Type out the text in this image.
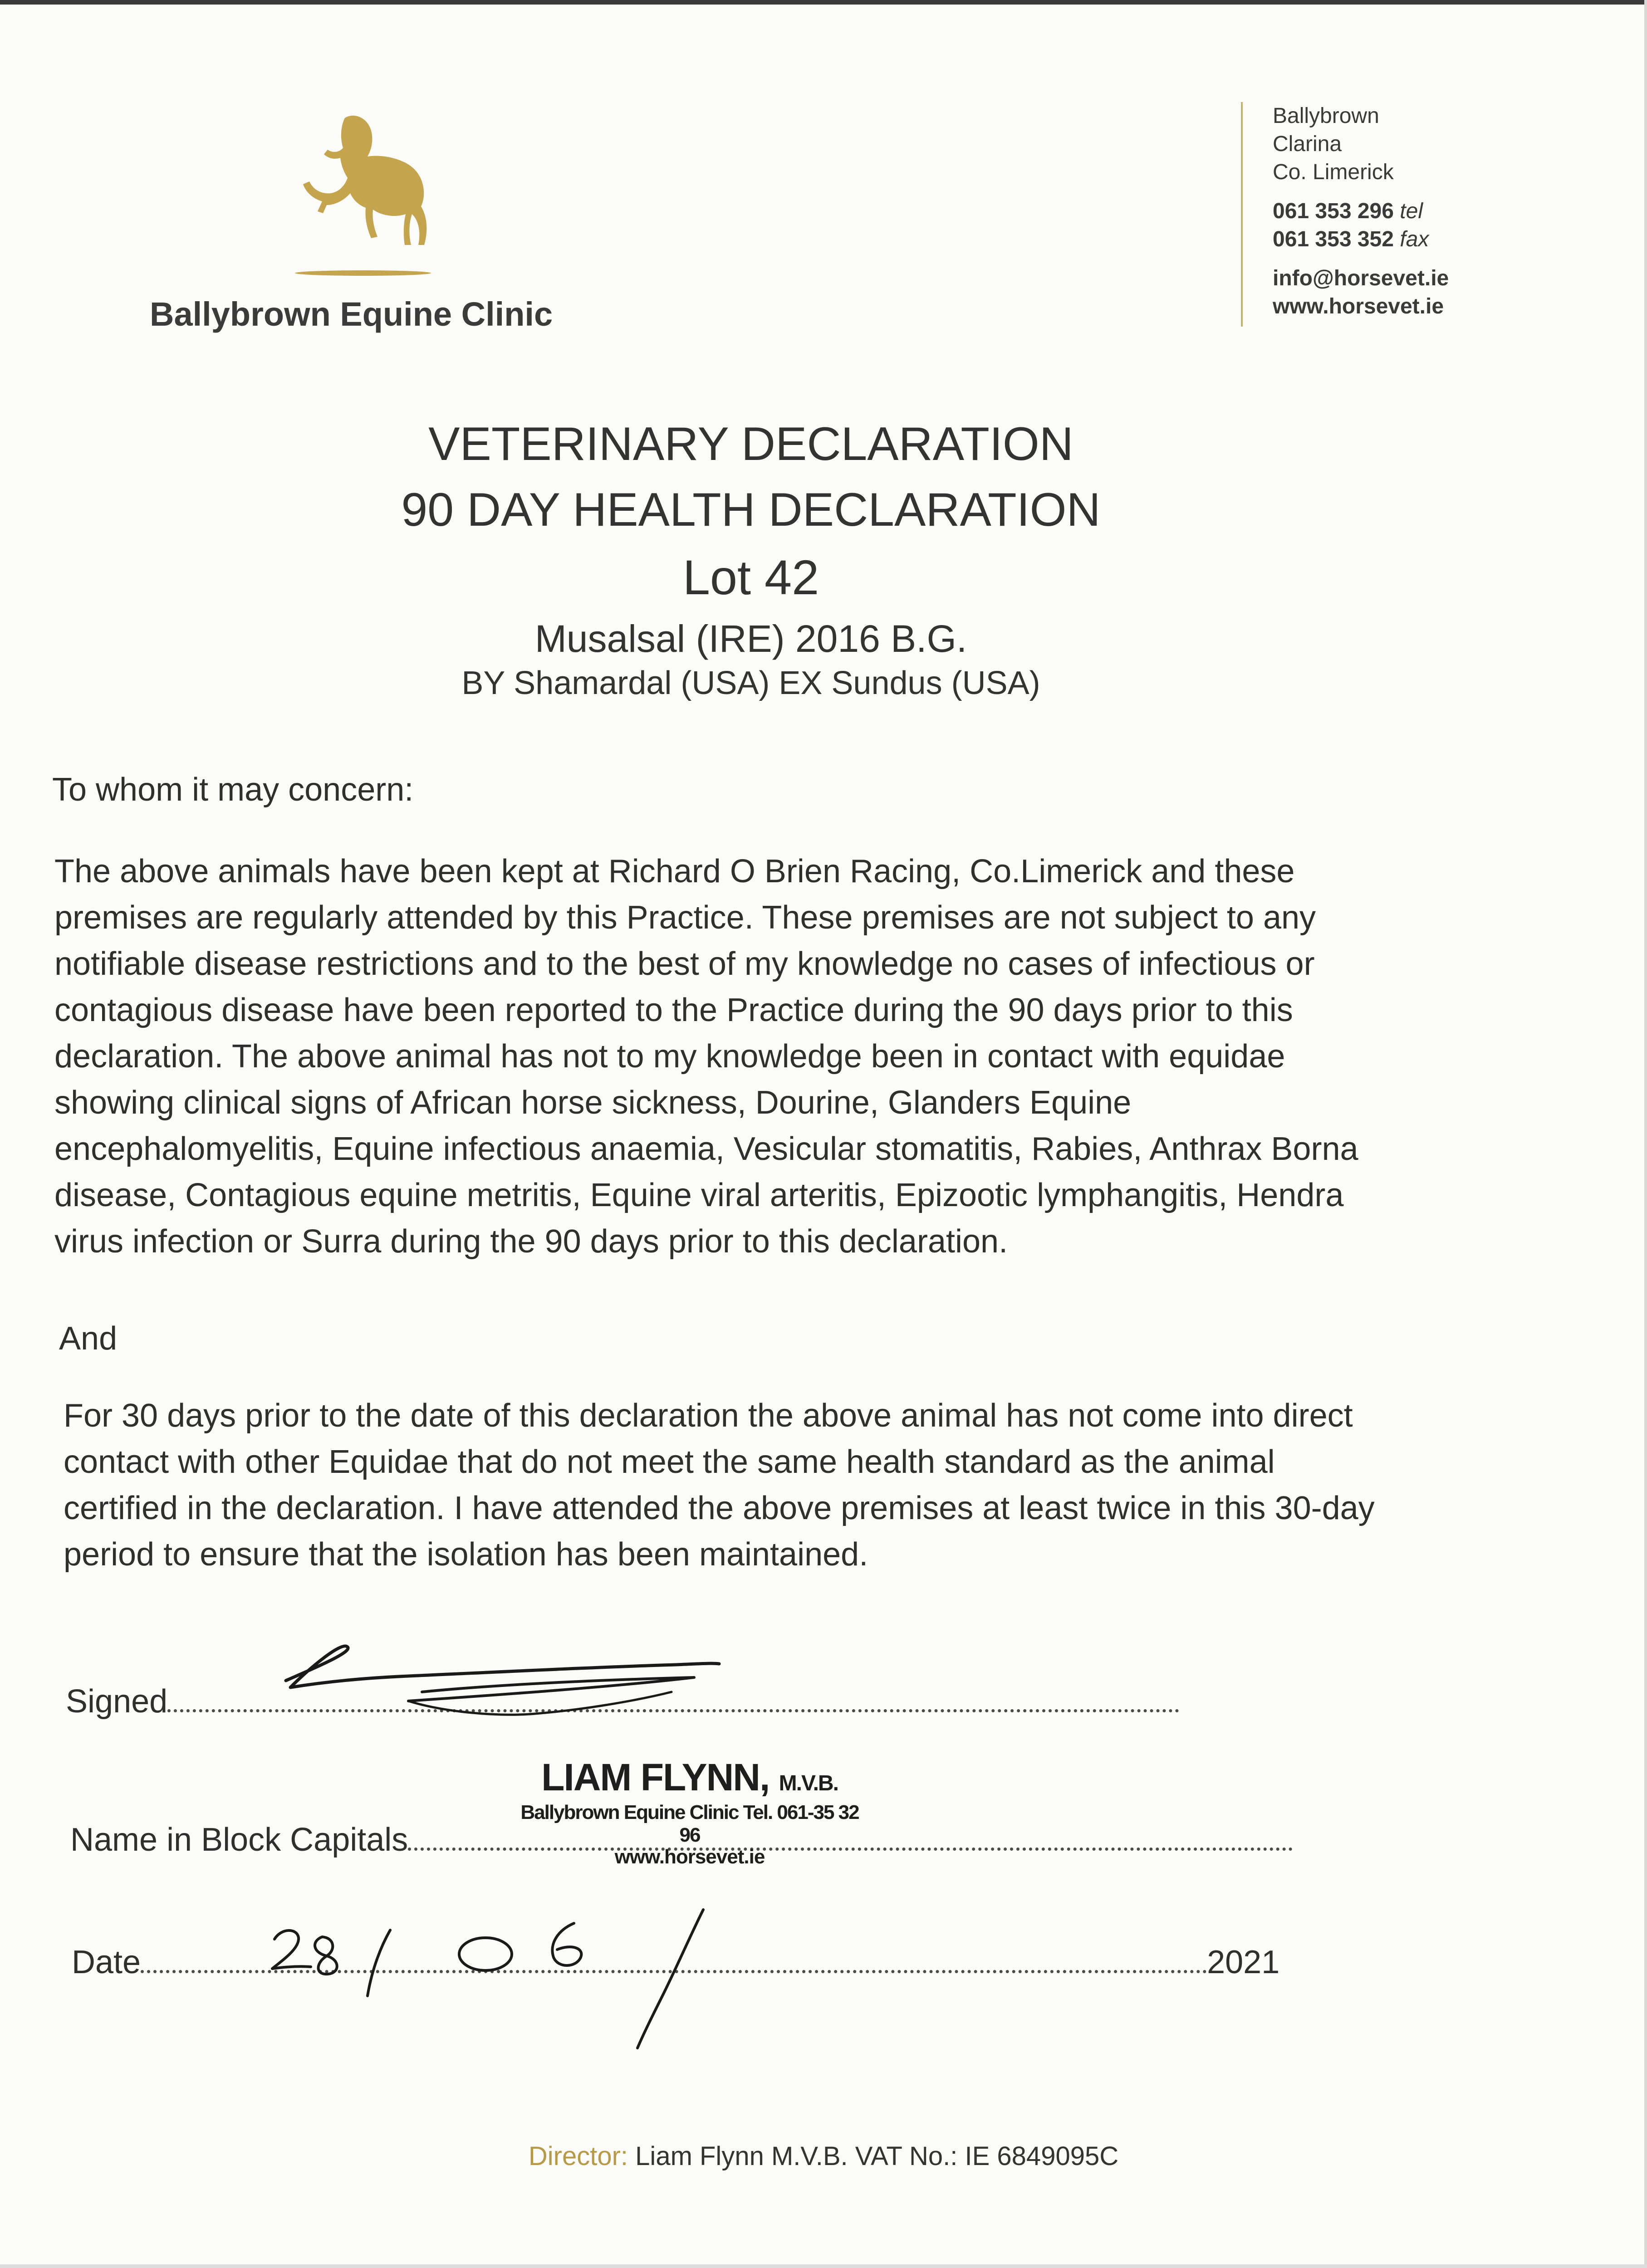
Ballybrown Equine Clinic
Ballybrown
Clarina
Co. Limerick
061 353 296 tel
061 353 352 fax
info@horsevet.ie
www.horsevet.ie
VETERINARY DECLARATION
90 DAY HEALTH DECLARATION
Lot 42
Musalsal (IRE) 2016 B.G.
BY Shamardal (USA) EX Sundus (USA)
To whom it may concern:
The above animals have been kept at Richard O Brien Racing, Co.Limerick and these
premises are regularly attended by this Practice. These premises are not subject to any
notifiable disease restrictions and to the best of my knowledge no cases of infectious or
contagious disease have been reported to the Practice during the 90 days prior to this
declaration. The above animal has not to my knowledge been in contact with equidae
showing clinical signs of African horse sickness, Dourine, Glanders Equine
encephalomyelitis, Equine infectious anaemia, Vesicular stomatitis, Rabies, Anthrax Borna
disease, Contagious equine metritis, Equine viral arteritis, Epizootic lymphangitis, Hendra
virus infection or Surra during the 90 days prior to this declaration.
And
For 30 days prior to the date of this declaration the above animal has not come into direct
contact with other Equidae that do not meet the same health standard as the animal
certified in the declaration. I have attended the above premises at least twice in this 30-day
period to ensure that the isolation has been maintained.
Signed
Name in Block Capitals
LIAM FLYNN, M.V.B.
Ballybrown Equine Clinic Tel. 061-35 32 96
www.horsevet.ie
Date	2021
Director: Liam Flynn M.V.B. VAT No.: IE 6849095C
